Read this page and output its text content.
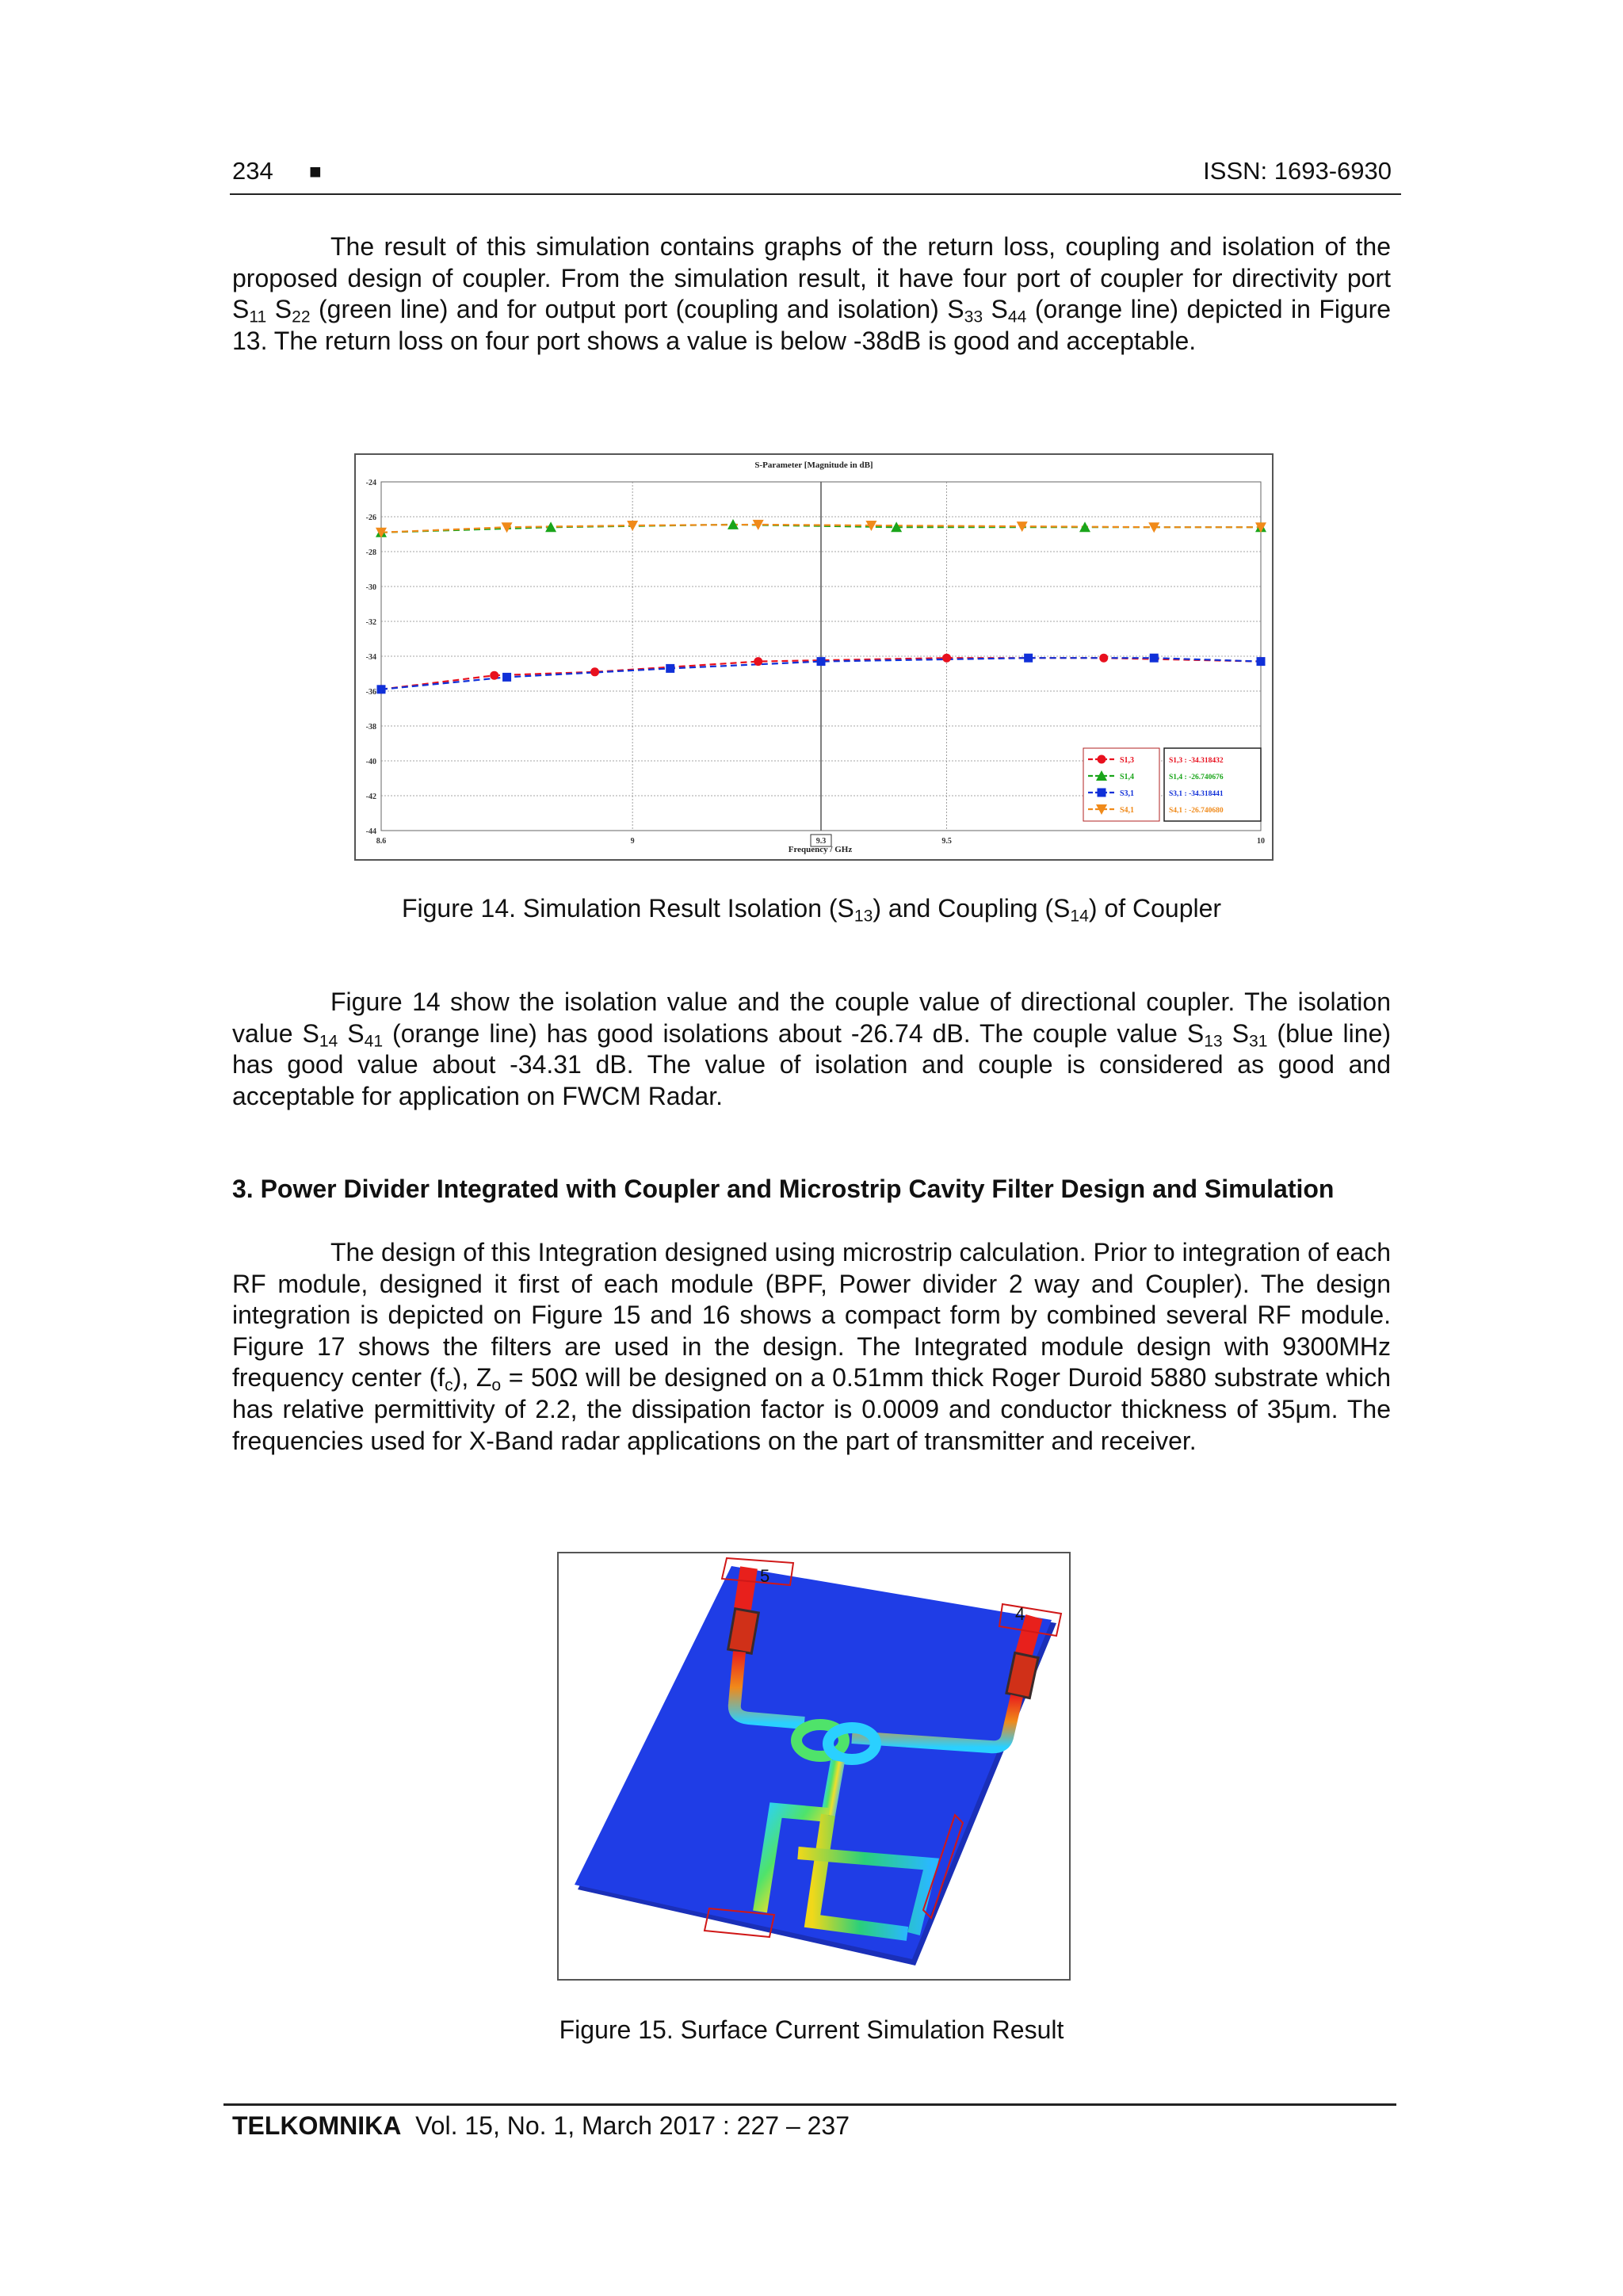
234 ■	ISSN: 1693-6930

The result of this simulation contains graphs of the return loss, coupling and isolation of the proposed design of coupler. From the simulation result, it have four port of coupler for directivity port $S_{11}$ $S_{22}$ (green line) and for output port (coupling and isolation) $S_{33}$ $S_{44}$ (orange line) depicted in Figure 13. The return loss on four port shows a value is below -38dB is good and acceptable.

S-Parameter [Magnitude in dB]
-24
-26
-28
-30
-32
-34
-36
-38
-40
-42
-44
8.6	9	9.3	9.5	10
S1,3
S1,4
S3,1
S4,1
S1,3 : -34.318432
S1,4 : -26.740676
S3,1 : -34.318441
S4,1 : -26.740680
Frequency / GHz
Figure 14. Simulation Result Isolation $(S_{13})$ and Coupling $(S_{14})$ of Coupler

Figure 14 show the isolation value and the couple value of directional coupler. The isolation value $S_{14}$ $S_{41}$ (orange line) has good isolations about -26.74 dB. The couple value $S_{13}$ $S_{31}$ (blue line) has good value about -34.31 dB. The value of isolation and couple is considered as good and acceptable for application on FWCM Radar.

3. Power Divider Integrated with Coupler and Microstrip Cavity Filter Design and Simulation

The design of this Integration designed using microstrip calculation. Prior to integration of each RF module, designed it first of each module (BPF, Power divider 2 way and Coupler). The design integration is depicted on Figure 15 and 16 shows a compact form by combined several RF module. Figure 17 shows the filters are used in the design. The Integrated module design with 9300MHz frequency center $(f_c)$, $Z_o = 50\Omega$ will be designed on a 0.51mm thick Roger Duroid 5880 substrate which has relative permittivity of 2.2, the dissipation factor is 0.0009 and conductor thickness of 35μm. The frequencies used for X-Band radar applications on the part of transmitter and receiver.

5
4
Figure 15. Surface Current Simulation Result
TELKOMNIKA Vol. 15, No. 1, March 2017 : 227 – 237
